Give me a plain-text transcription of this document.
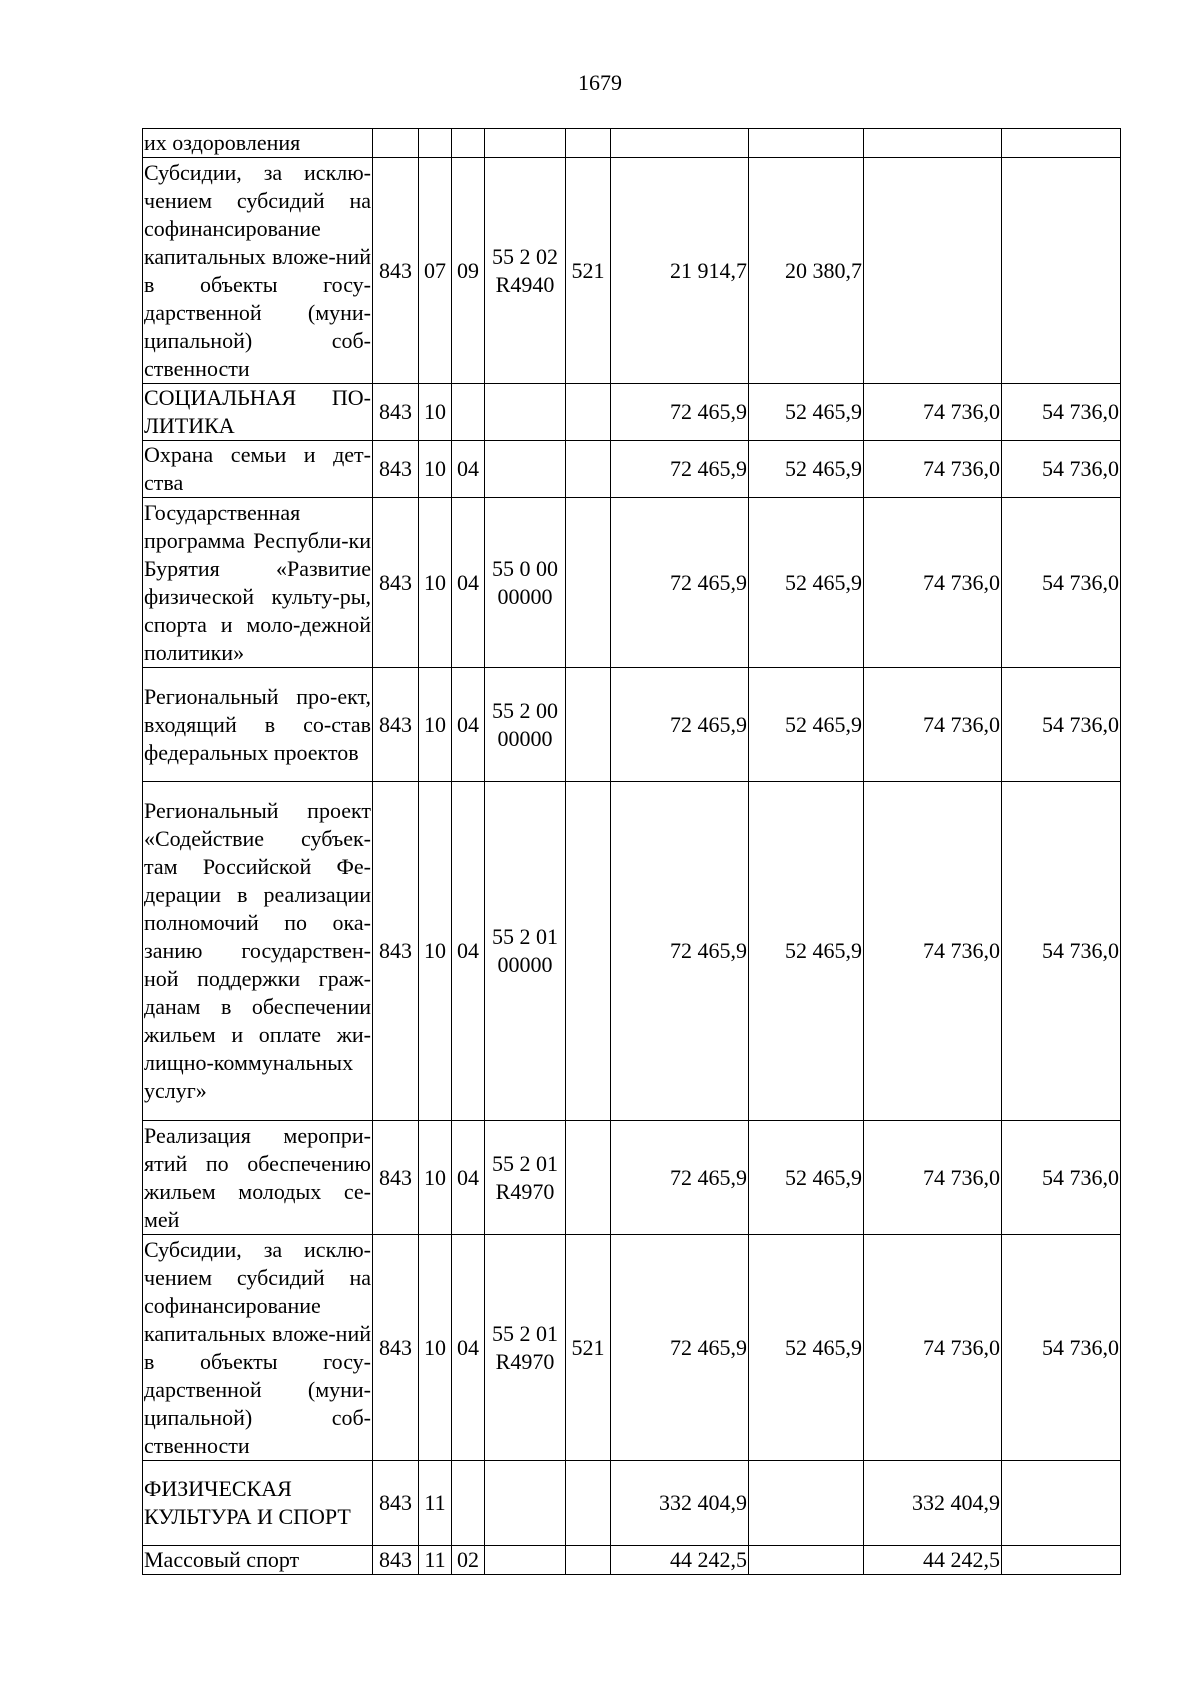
1679
их оздоровления									
Субсидии, за исклю-чением субсидий на софинансирование капитальных вложе-ний в объекты госу-дарственной (муни-ципальной) соб-ственности	843	07	09	55 2 02 R4940	521	21 914,7	20 380,7		
СОЦИАЛЬНАЯ ПО-ЛИТИКА	843	10				72 465,9	52 465,9	74 736,0	54 736,0
Охрана семьи и дет-ства	843	10	04			72 465,9	52 465,9	74 736,0	54 736,0
Государственная программа Республи-ки Бурятия «Развитие физической культу-ры, спорта и моло-дежной политики»	843	10	04	55 0 00 00000		72 465,9	52 465,9	74 736,0	54 736,0
Региональный про-ект, входящий в со-став федеральных проектов	843	10	04	55 2 00 00000		72 465,9	52 465,9	74 736,0	54 736,0
Региональный проект «Содействие субъек-там Российской Фе-дерации в реализации полномочий по ока-занию государствен-ной поддержки граж-данам в обеспечении жильем и оплате жи-лищно-коммунальных услуг»	843	10	04	55 2 01 00000		72 465,9	52 465,9	74 736,0	54 736,0
Реализация меропри-ятий по обеспечению жильем молодых се-мей	843	10	04	55 2 01 R4970		72 465,9	52 465,9	74 736,0	54 736,0
Субсидии, за исклю-чением субсидий на софинансирование капитальных вложе-ний в объекты госу-дарственной (муни-ципальной) соб-ственности	843	10	04	55 2 01 R4970	521	72 465,9	52 465,9	74 736,0	54 736,0
ФИЗИЧЕСКАЯ КУЛЬТУРА И СПОРТ	843	11				332 404,9		332 404,9	
Массовый спорт	843	11	02			44 242,5		44 242,5	
